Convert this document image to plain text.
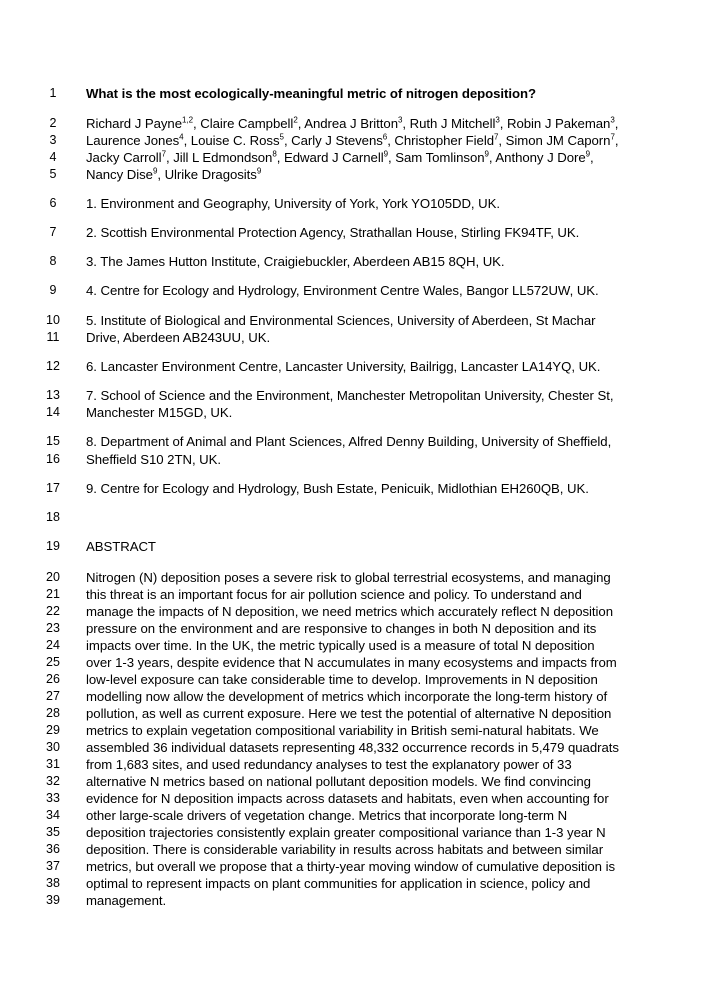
1	What is the most ecologically-meaningful metric of nitrogen deposition?
2	Richard J Payne$^{1,2}$, Claire Campbell$^2$, Andrea J Britton$^3$, Ruth J Mitchell$^3$, Robin J Pakeman$^3$,
3	Laurence Jones$^4$, Louise C. Ross$^5$, Carly J Stevens$^6$, Christopher Field$^7$, Simon JM Caporn$^7$,
4	Jacky Carroll$^7$, Jill L Edmondson$^8$, Edward J Carnell$^9$, Sam Tomlinson$^9$, Anthony J Dore$^9$,
5	Nancy Dise$^9$, Ulrike Dragosits$^9$
6	1. Environment and Geography, University of York, York YO105DD, UK.
7	2. Scottish Environmental Protection Agency, Strathallan House, Stirling FK94TF, UK.
8	3. The James Hutton Institute, Craigiebuckler, Aberdeen AB15 8QH, UK.
9	4. Centre for Ecology and Hydrology, Environment Centre Wales, Bangor LL572UW, UK.
10	5. Institute of Biological and Environmental Sciences, University of Aberdeen, St Machar
11	Drive, Aberdeen AB243UU, UK.
12	6. Lancaster Environment Centre, Lancaster University, Bailrigg, Lancaster LA14YQ, UK.
13	7. School of Science and the Environment, Manchester Metropolitan University, Chester St,
14	Manchester M15GD, UK.
15	8. Department of Animal and Plant Sciences, Alfred Denny Building, University of Sheffield,
16	Sheffield S10 2TN, UK.
17	9. Centre for Ecology and Hydrology, Bush Estate, Penicuik, Midlothian EH260QB, UK.
18
19	ABSTRACT
20	Nitrogen (N) deposition poses a severe risk to global terrestrial ecosystems, and managing
21	this threat is an important focus for air pollution science and policy. To understand and
22	manage the impacts of N deposition, we need metrics which accurately reflect N deposition
23	pressure on the environment and are responsive to changes in both N deposition and its
24	impacts over time. In the UK, the metric typically used is a measure of total N deposition
25	over 1-3 years, despite evidence that N accumulates in many ecosystems and impacts from
26	low-level exposure can take considerable time to develop. Improvements in N deposition
27	modelling now allow the development of metrics which incorporate the long-term history of
28	pollution, as well as current exposure. Here we test the potential of alternative N deposition
29	metrics to explain vegetation compositional variability in British semi-natural habitats. We
30	assembled 36 individual datasets representing 48,332 occurrence records in 5,479 quadrats
31	from 1,683 sites, and used redundancy analyses to test the explanatory power of 33
32	alternative N metrics based on national pollutant deposition models. We find convincing
33	evidence for N deposition impacts across datasets and habitats, even when accounting for
34	other large-scale drivers of vegetation change. Metrics that incorporate long-term N
35	deposition trajectories consistently explain greater compositional variance than 1-3 year N
36	deposition. There is considerable variability in results across habitats and between similar
37	metrics, but overall we propose that a thirty-year moving window of cumulative deposition is
38	optimal to represent impacts on plant communities for application in science, policy and
39	management.
